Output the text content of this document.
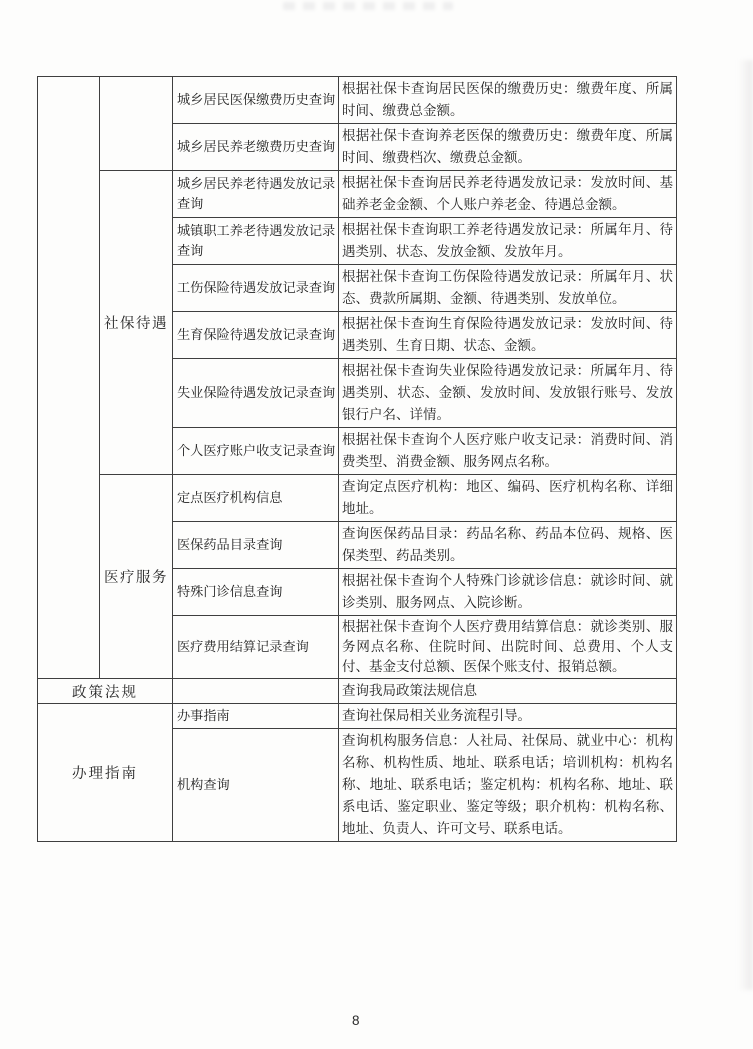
		城乡居民医保缴费历史查询	根据社保卡查询居民医保的缴费历史：缴费年度、所属时间、缴费总金额。
		城乡居民养老缴费历史查询	根据社保卡查询养老医保的缴费历史：缴费年度、所属时间、缴费档次、缴费总金额。
	社保待遇	城乡居民养老待遇发放记录查询	根据社保卡查询居民养老待遇发放记录：发放时间、基础养老金金额、个人账户养老金、待遇总金额。
		城镇职工养老待遇发放记录查询	根据社保卡查询职工养老待遇发放记录：所属年月、待遇类别、状态、发放金额、发放年月。
		工伤保险待遇发放记录查询	根据社保卡查询工伤保险待遇发放记录：所属年月、状态、费款所属期、金额、待遇类别、发放单位。
		生育保险待遇发放记录查询	根据社保卡查询生育保险待遇发放记录：发放时间、待遇类别、生育日期、状态、金额。
		失业保险待遇发放记录查询	根据社保卡查询失业保险待遇发放记录：所属年月、待遇类别、状态、金额、发放时间、发放银行账号、发放银行户名、详情。
		个人医疗账户收支记录查询	根据社保卡查询个人医疗账户收支记录：消费时间、消费类型、消费金额、服务网点名称。
	医疗服务	定点医疗机构信息	查询定点医疗机构：地区、编码、医疗机构名称、详细地址。
		医保药品目录查询	查询医保药品目录：药品名称、药品本位码、规格、医保类型、药品类别。
		特殊门诊信息查询	根据社保卡查询个人特殊门诊就诊信息：就诊时间、就诊类别、服务网点、入院诊断。
		医疗费用结算记录查询	根据社保卡查询个人医疗费用结算信息：就诊类别、服务网点名称、住院时间、出院时间、总费用、个人支付、基金支付总额、医保个账支付、报销总额。
政策法规			查询我局政策法规信息
办理指南		办事指南	查询社保局相关业务流程引导。
		机构查询	查询机构服务信息：人社局、社保局、就业中心：机构名称、机构性质、地址、联系电话；培训机构：机构名称、地址、联系电话；鉴定机构：机构名称、地址、联系电话、鉴定职业、鉴定等级；职介机构：机构名称、地址、负责人、许可文号、联系电话。
8
